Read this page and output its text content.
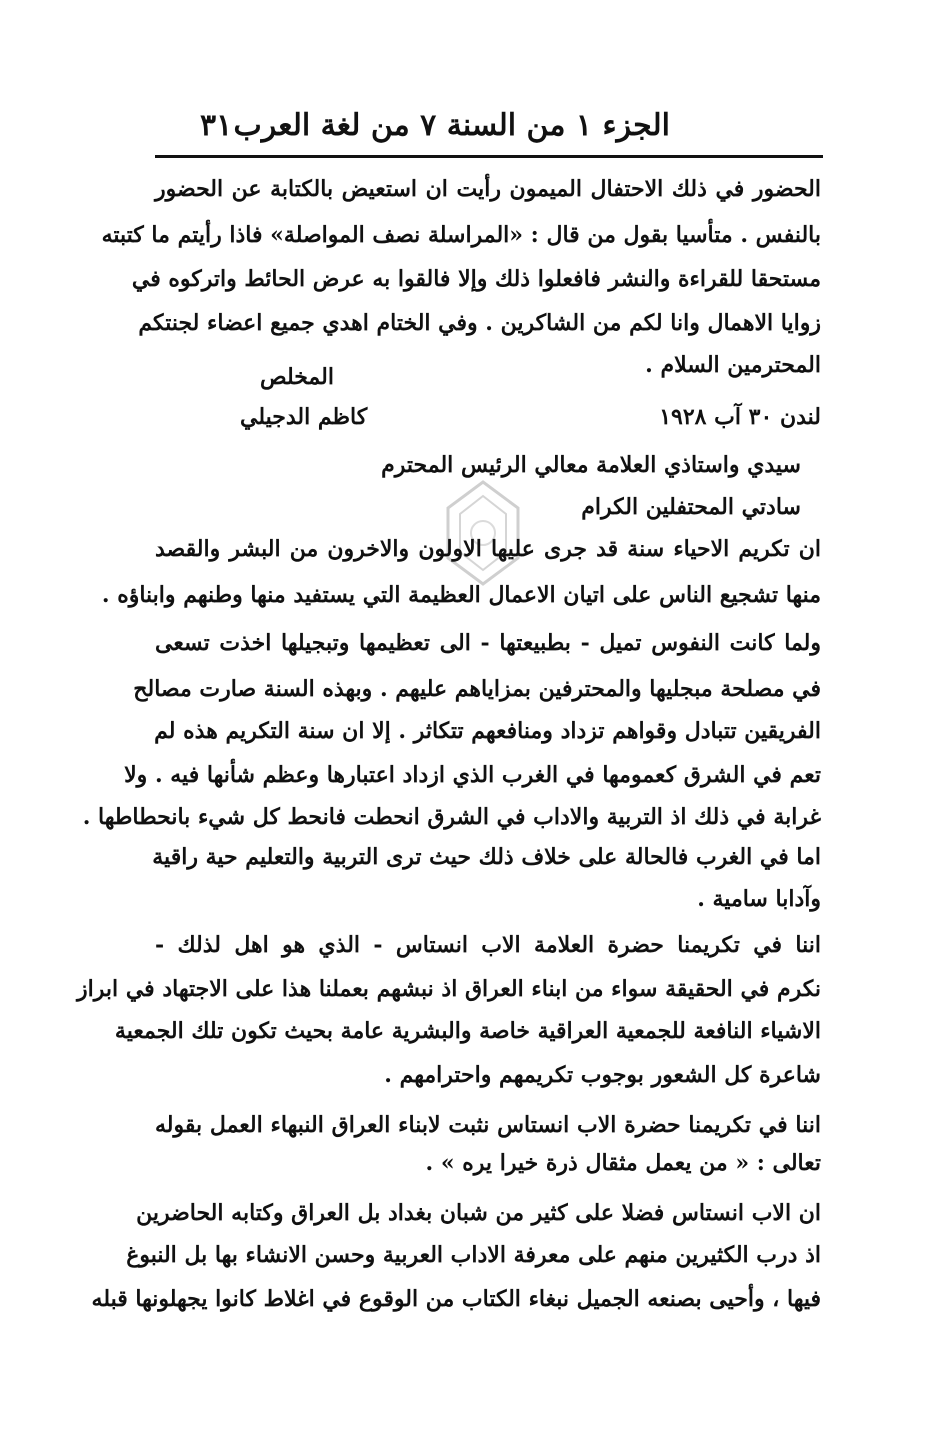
الجزء ١ من السنة ٧ من لغة العرب
٣١
الحضور في ذلك الاحتفال الميمون رأيت ان استعيض بالكتابة عن الحضور
بالنفس . متأسيا بقول من قال : «المراسلة نصف المواصلة» فاذا رأيتم ما كتبته
مستحقا للقراءة والنشر فافعلوا ذلك وإلا فالقوا به عرض الحائط واتركوه في
زوايا الاهمال وانا لكم من الشاكرين . وفي الختام اهدي جميع اعضاء لجنتكم
المحترمين السلام .
المخلص
لندن ٣٠ آب ١٩٢٨
كاظم الدجيلي
سيدي واستاذي العلامة معالي الرئيس المحترم
سادتي المحتفلين الكرام
ان تكريم الاحياء سنة قد جرى عليها الاولون والاخرون من البشر والقصد
منها تشجيع الناس على اتيان الاعمال العظيمة التي يستفيد منها وطنهم وابناؤه .
ولما كانت النفوس تميل - بطبيعتها - الى تعظيمها وتبجيلها اخذت تسعى
في مصلحة مبجليها والمحترفين بمزاياهم عليهم . وبهذه السنة صارت مصالح
الفريقين تتبادل وقواهم تزداد ومنافعهم تتكاثر . إلا ان سنة التكريم هذه لم
تعم في الشرق كعمومها في الغرب الذي ازداد اعتبارها وعظم شأنها فيه . ولا
غرابة في ذلك اذ التربية والاداب في الشرق انحطت فانحط كل شيء بانحطاطها .
اما في الغرب فالحالة على خلاف ذلك حيث ترى التربية والتعليم حية راقية
وآدابا سامية .
اننا في تكريمنا حضرة العلامة الاب انستاس - الذي هو اهل لذلك -
نكرم في الحقيقة سواء من ابناء العراق اذ نبشهم بعملنا هذا على الاجتهاد في ابراز
الاشياء النافعة للجمعية العراقية خاصة والبشرية عامة بحيث تكون تلك الجمعية
شاعرة كل الشعور بوجوب تكريمهم واحترامهم .
اننا في تكريمنا حضرة الاب انستاس نثبت لابناء العراق النبهاء العمل بقوله
تعالى : « من يعمل مثقال ذرة خيرا يره » .
ان الاب انستاس فضلا على كثير من شبان بغداد بل العراق وكتابه الحاضرين
اذ درب الكثيرين منهم على معرفة الاداب العربية وحسن الانشاء بها بل النبوغ
فيها ، وأحيى بصنعه الجميل نبغاء الكتاب من الوقوع في اغلاط كانوا يجهلونها قبله
